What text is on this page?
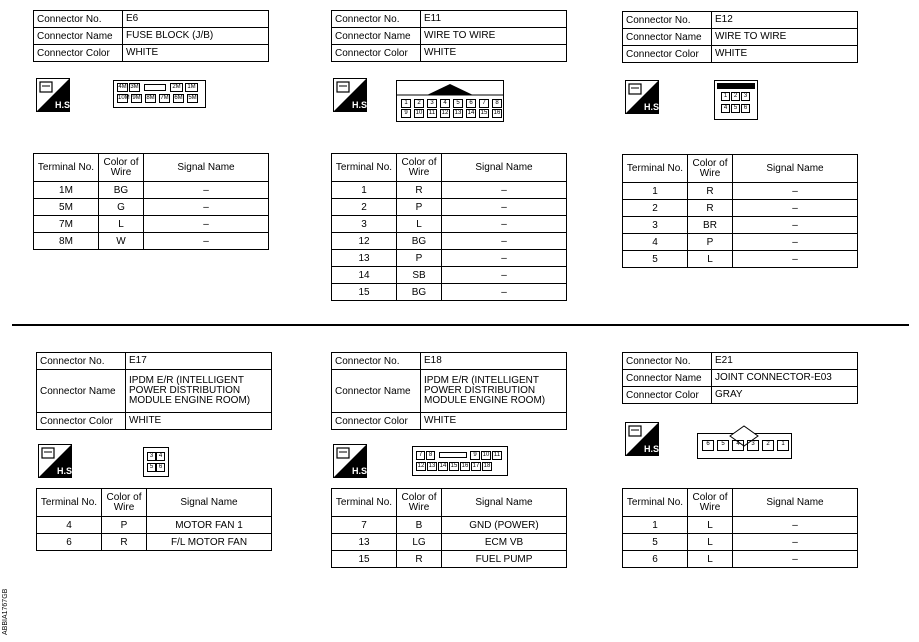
Connector No.	E6
Connector Name	FUSE BLOCK (J/B)
Connector Color	WHITE
H.S.
4M 3M	2M	1M
10M 9M 8M 7M 6M 5M
Terminal No.	Color of Wire	Signal Name
1M	BG	–
5M	G	–
7M	L	–
8M	W	–
Connector No.	E11
Connector Name	WIRE TO WIRE
Connector Color	WHITE
H.S.	1	2	3	4	5	6	7	8
9	10	11	12 13 14 15 16
Terminal No.	Color of Wire	Signal Name
1	R	–
2	P	–
3	L	–
12	BG	–
13	P	–
14	SB	–
15	BG	–
Connector No.	E12
Connector Name	WIRE TO WIRE
Connector Color	WHITE
H.S.
1	2	3
4	5	6
Terminal No.	Color of Wire	Signal Name
1	R	–
2	R	–
3	BR	–
4	P	–
5	L	–
Connector No.	E17
Connector Name	IPDM E/R (INTELLIGENT POWER DISTRIBUTION MODULE ENGINE ROOM)
Connector Color	WHITE
H.S.
3 4
5 6
Terminal No.	Color of Wire	Signal Name
4	P	MOTOR FAN 1
6	R	F/L MOTOR FAN
Connector No.	E18
Connector Name	IPDM E/R (INTELLIGENT POWER DISTRIBUTION MODULE ENGINE ROOM)
Connector Color	WHITE
H.S.
7	8	9 10 11
12 13 14 15 16 17 18
Terminal No.	Color of Wire	Signal Name
7	B	GND (POWER)
13	LG	ECM VB
15	R	FUEL PUMP
Connector No.	E21
Connector Name	JOINT CONNECTOR-E03
Connector Color	GRAY
H.S.	6	5	4	3	2	1
Terminal No.	Color of Wire	Signal Name
1	L	–
5	L	–
6	L	–
ABBIA1767GB
